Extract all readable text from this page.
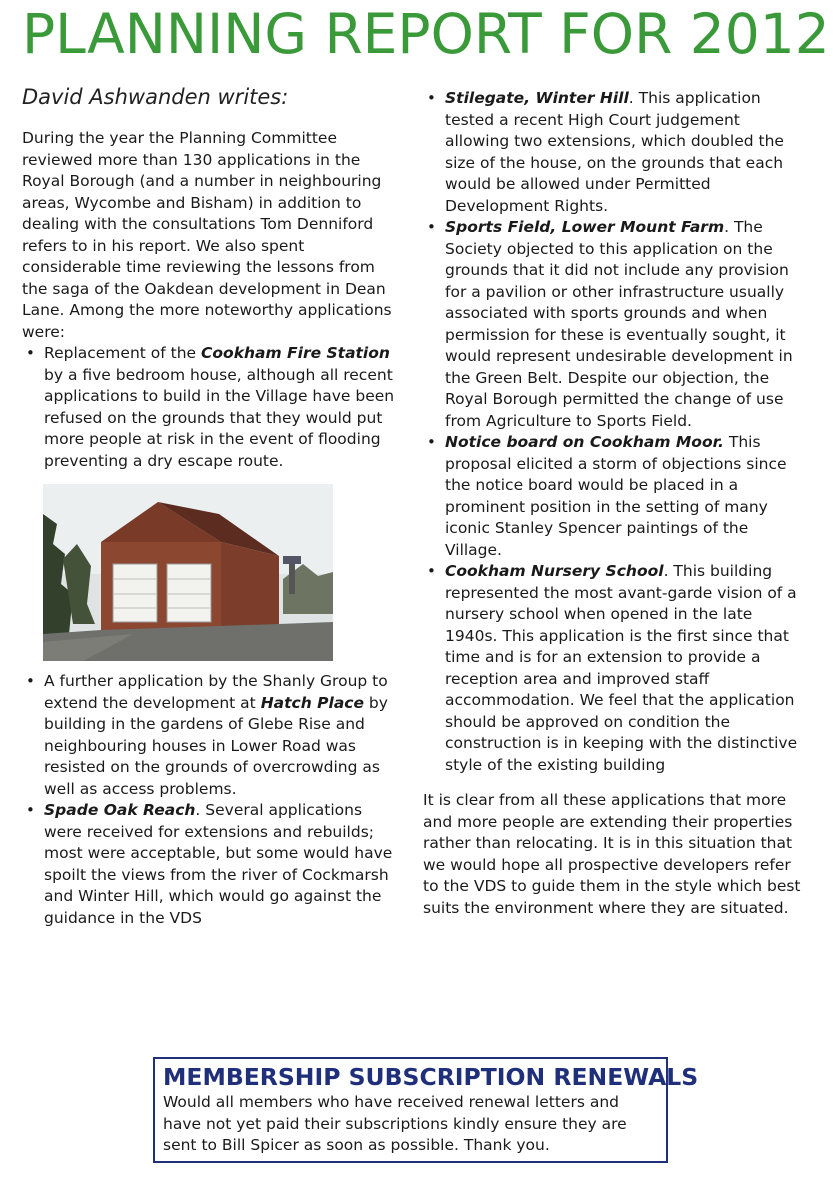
PLANNING REPORT FOR 2012

David Ashwanden writes:

During the year the Planning Committee reviewed more than 130 applications in the Royal Borough (and a number in neighbouring areas, Wycombe and Bisham) in addition to dealing with the consultations Tom Denniford refers to in his report. We also spent considerable time reviewing the lessons from the saga of the Oakdean development in Dean Lane. Among the more noteworthy applications were:

• Replacement of the Cookham Fire Station by a five bedroom house, although all recent applications to build in the Village have been refused on the grounds that they would put more people at risk in the event of flooding preventing a dry escape route.
• A further application by the Shanly Group to extend the development at Hatch Place by building in the gardens of Glebe Rise and neighbouring houses in Lower Road was resisted on the grounds of overcrowding as well as access problems.
• Spade Oak Reach. Several applications were received for extensions and rebuilds; most were acceptable, but some would have spoilt the views from the river of Cockmarsh and Winter Hill, which would go against the guidance in the VDS
• Stilegate, Winter Hill. This application tested a recent High Court judgement allowing two extensions, which doubled the size of the house, on the grounds that each would be allowed under Permitted Development Rights.
• Sports Field, Lower Mount Farm. The Society objected to this application on the grounds that it did not include any provision for a pavilion or other infrastructure usually associated with sports grounds and when permission for these is eventually sought, it would represent undesirable development in the Green Belt. Despite our objection, the Royal Borough permitted the change of use from Agriculture to Sports Field.
• Notice board on Cookham Moor. This proposal elicited a storm of objections since the notice board would be placed in a prominent position in the setting of many iconic Stanley Spencer paintings of the Village.
• Cookham Nursery School. This building represented the most avant-garde vision of a nursery school when opened in the late 1940s. This application is the first since that time and is for an extension to provide a reception area and improved staff accommodation. We feel that the application should be approved on condition the construction is in keeping with the distinctive style of the existing building

It is clear from all these applications that more and more people are extending their properties rather than relocating. It is in this situation that we would hope all prospective developers refer to the VDS to guide them in the style which best suits the environment where they are situated.

MEMBERSHIP SUBSCRIPTION RENEWALS

Would all members who have received renewal letters and have not yet paid their subscriptions kindly ensure they are sent to Bill Spicer as soon as possible. Thank you.
